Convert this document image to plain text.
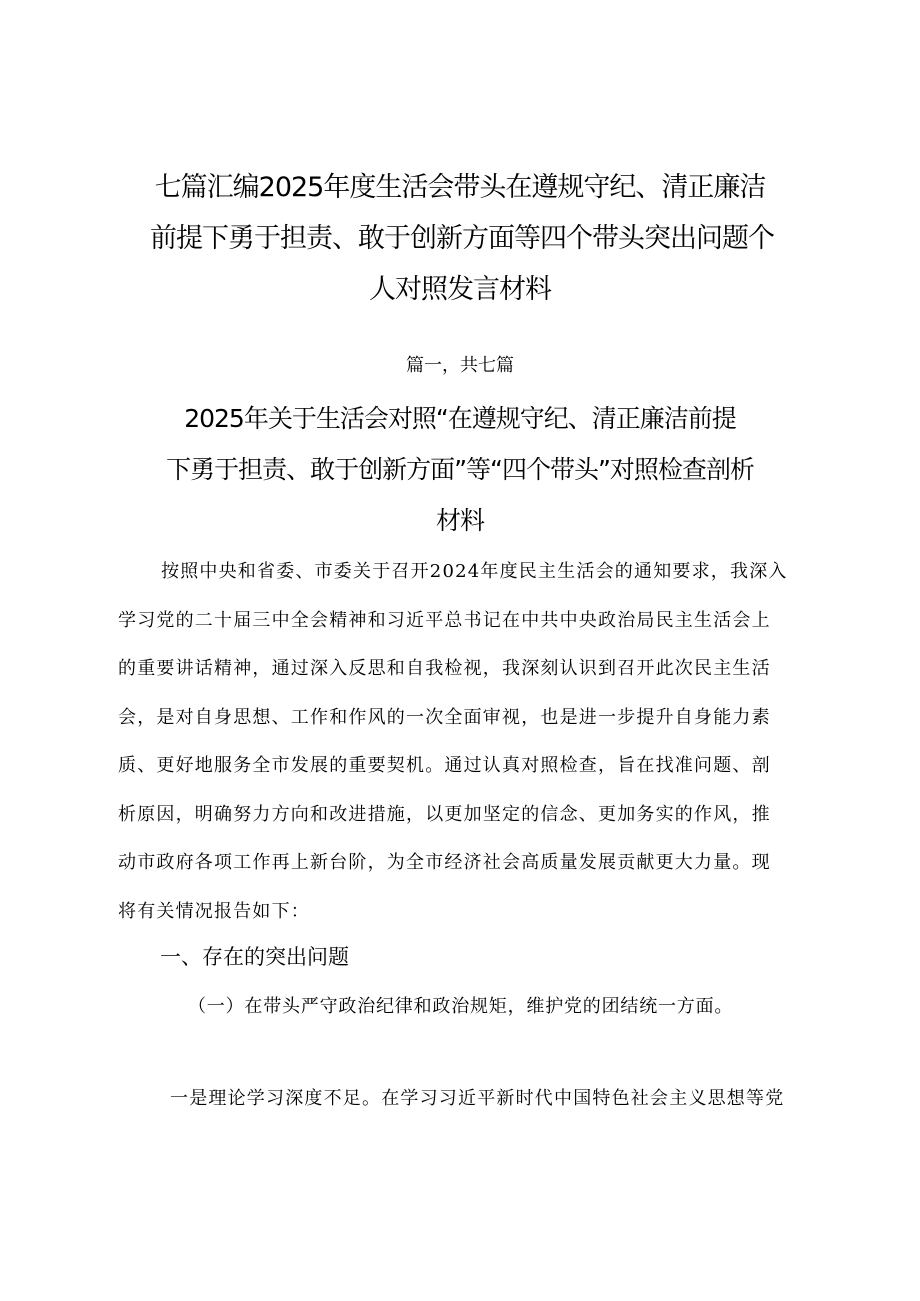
七篇汇编2025年度生活会带头在遵规守纪、清正廉洁
前提下勇于担责、敢于创新方面等四个带头突出问题个
人对照发言材料
篇一，共七篇
2025年关于生活会对照“在遵规守纪、清正廉洁前提
下勇于担责、敢于创新方面”等“四个带头”对照检查剖析
材料
按照中央和省委、市委关于召开2024年度民主生活会的通知要求，我深入
学习党的二十届三中全会精神和习近平总书记在中共中央政治局民主生活会上
的重要讲话精神，通过深入反思和自我检视，我深刻认识到召开此次民主生活
会，是对自身思想、工作和作风的一次全面审视，也是进一步提升自身能力素
质、更好地服务全市发展的重要契机。通过认真对照检查，旨在找准问题、剖
析原因，明确努力方向和改进措施，以更加坚定的信念、更加务实的作风，推
动市政府各项工作再上新台阶，为全市经济社会高质量发展贡献更大力量。现
将有关情况报告如下：
一、存在的突出问题
（一）在带头严守政治纪律和政治规矩，维护党的团结统一方面。
一是理论学习深度不足。在学习习近平新时代中国特色社会主义思想等党
